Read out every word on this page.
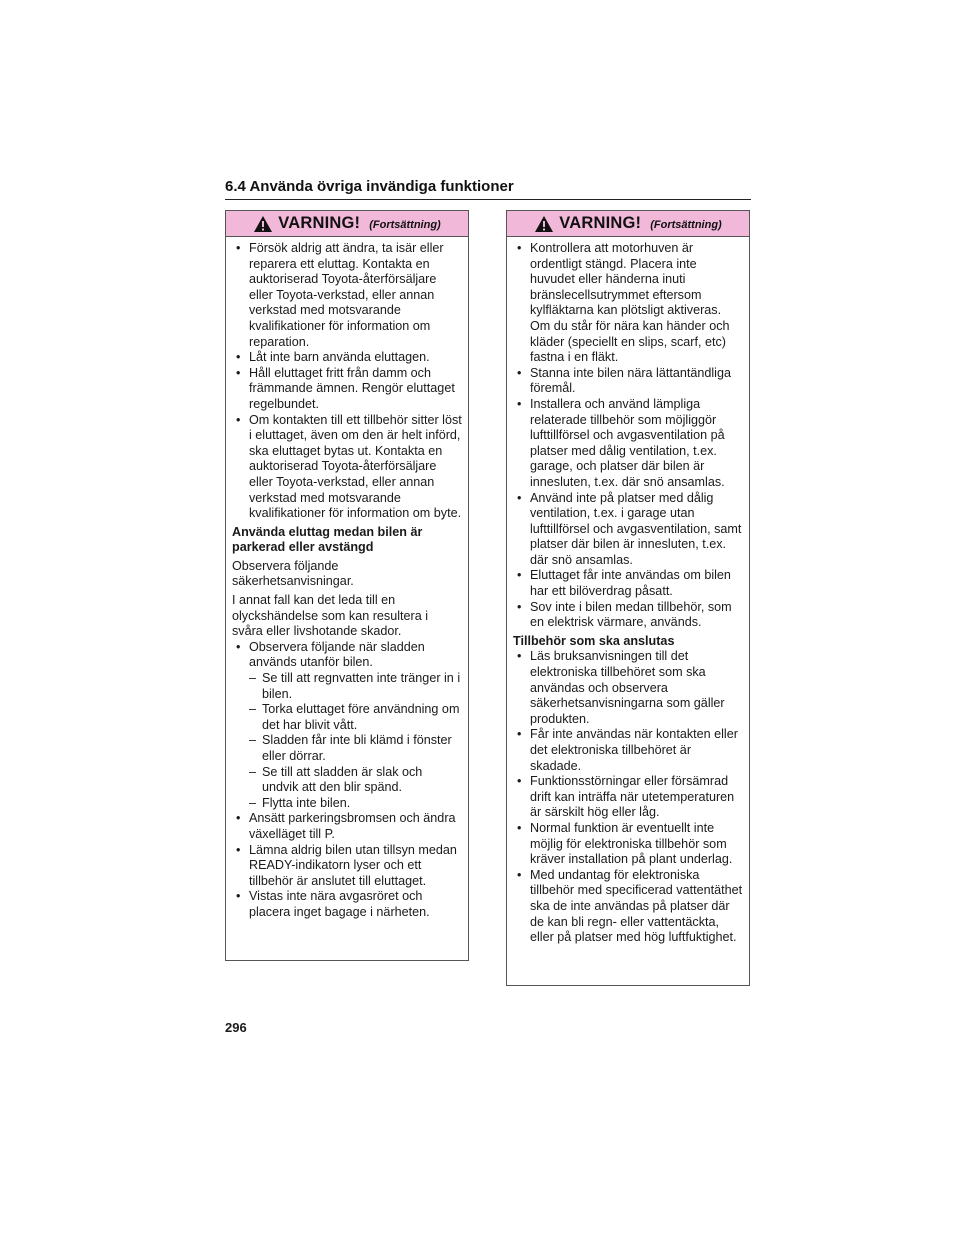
6.4 Använda övriga invändiga funktioner
VARNING! (Fortsättning)
• Försök aldrig att ändra, ta isär eller reparera ett eluttag. Kontakta en auktoriserad Toyota-återförsäljare eller Toyota-verkstad, eller annan verkstad med motsvarande kvalifikationer för information om reparation.
• Låt inte barn använda eluttagen.
• Håll eluttaget fritt från damm och främmande ämnen. Rengör eluttaget regelbundet.
• Om kontakten till ett tillbehör sitter löst i eluttaget, även om den är helt införd, ska eluttaget bytas ut. Kontakta en auktoriserad Toyota-återförsäljare eller Toyota-verkstad, eller annan verkstad med motsvarande kvalifikationer för information om byte.
Använda eluttag medan bilen är parkerad eller avstängd
Observera följande säkerhetsanvisningar.
I annat fall kan det leda till en olyckshändelse som kan resultera i svåra eller livshotande skador.
• Observera följande när sladden används utanför bilen.
– Se till att regnvatten inte tränger in i bilen.
– Torka eluttaget före användning om det har blivit vått.
– Sladden får inte bli klämd i fönster eller dörrar.
– Se till att sladden är slak och undvik att den blir spänd.
– Flytta inte bilen.
• Ansätt parkeringsbromsen och ändra växelläget till P.
• Lämna aldrig bilen utan tillsyn medan READY-indikatorn lyser och ett tillbehör är anslutet till eluttaget.
• Vistas inte nära avgasröret och placera inget bagage i närheten.
VARNING! (Fortsättning)
• Kontrollera att motorhuven är ordentligt stängd. Placera inte huvudet eller händerna inuti bränslecellsutrymmet eftersom kylfläktarna kan plötsligt aktiveras. Om du står för nära kan händer och kläder (speciellt en slips, scarf, etc) fastna i en fläkt.
• Stanna inte bilen nära lättantändliga föremål.
• Installera och använd lämpliga relaterade tillbehör som möjliggör lufttillförsel och avgasventilation på platser med dålig ventilation, t.ex. garage, och platser där bilen är innesluten, t.ex. där snö ansamlas.
• Använd inte på platser med dålig ventilation, t.ex. i garage utan lufttillförsel och avgasventilation, samt platser där bilen är innesluten, t.ex. där snö ansamlas.
• Eluttaget får inte användas om bilen har ett bilöverdrag påsatt.
• Sov inte i bilen medan tillbehör, som en elektrisk värmare, används.
Tillbehör som ska anslutas
• Läs bruksanvisningen till det elektroniska tillbehöret som ska användas och observera säkerhetsanvisningarna som gäller produkten.
• Får inte användas när kontakten eller det elektroniska tillbehöret är skadade.
• Funktionsstörningar eller försämrad drift kan inträffa när utetemperaturen är särskilt hög eller låg.
• Normal funktion är eventuellt inte möjlig för elektroniska tillbehör som kräver installation på plant underlag.
• Med undantag för elektroniska tillbehör med specificerad vattentäthet ska de inte användas på platser där de kan bli regn- eller vattentäckta, eller på platser med hög luftfuktighet.
296
